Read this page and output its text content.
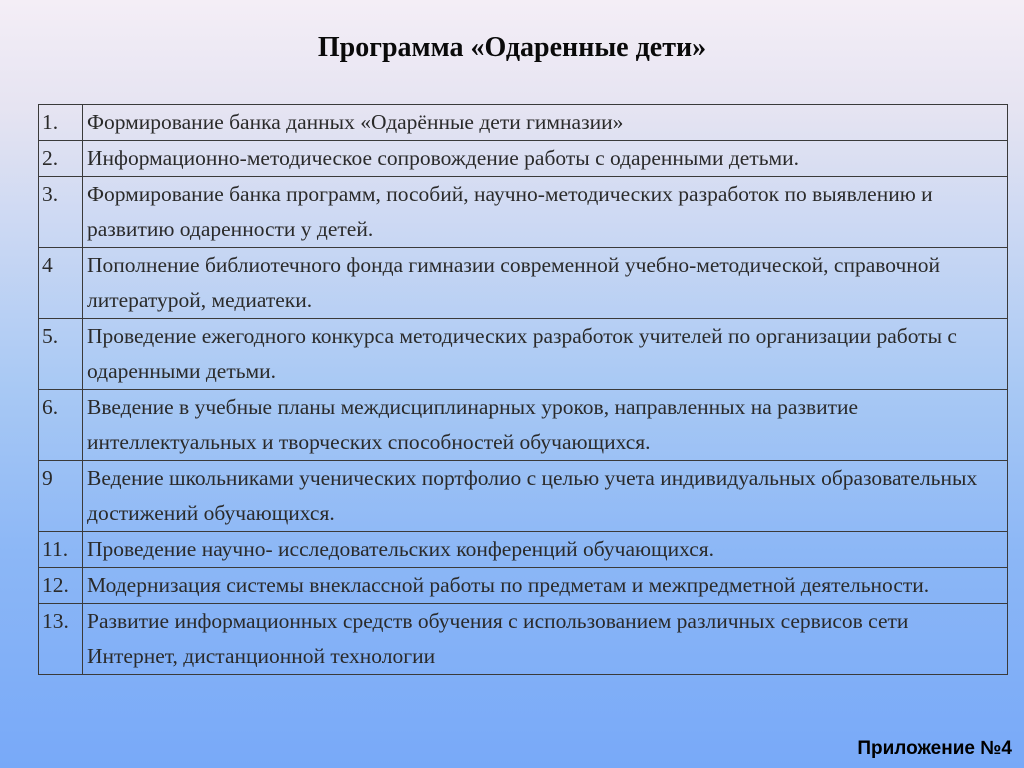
Программа «Одаренные дети»
1.	Формирование банка данных «Одарённые дети гимназии»
2.	Информационно-методическое сопровождение работы с одаренными детьми.
3.	Формирование банка программ, пособий, научно-методических разработок по выявлению и развитию одаренности у детей.
4	Пополнение библиотечного фонда гимназии современной учебно-методической, справочной литературой, медиатеки.
5.	Проведение ежегодного конкурса методических разработок учителей по организации работы с одаренными детьми.
6.	Введение в учебные планы междисциплинарных уроков, направленных на развитие интеллектуальных и творческих способностей обучающихся.
9	Ведение школьниками ученических портфолио с целью учета индивидуальных образовательных достижений обучающихся.
11.	Проведение научно- исследовательских конференций обучающихся.
12.	Модернизация системы внеклассной работы по предметам и межпредметной деятельности.
13.	Развитие информационных средств обучения с использованием различных сервисов сети Интернет, дистанционной технологии
Приложение №4
